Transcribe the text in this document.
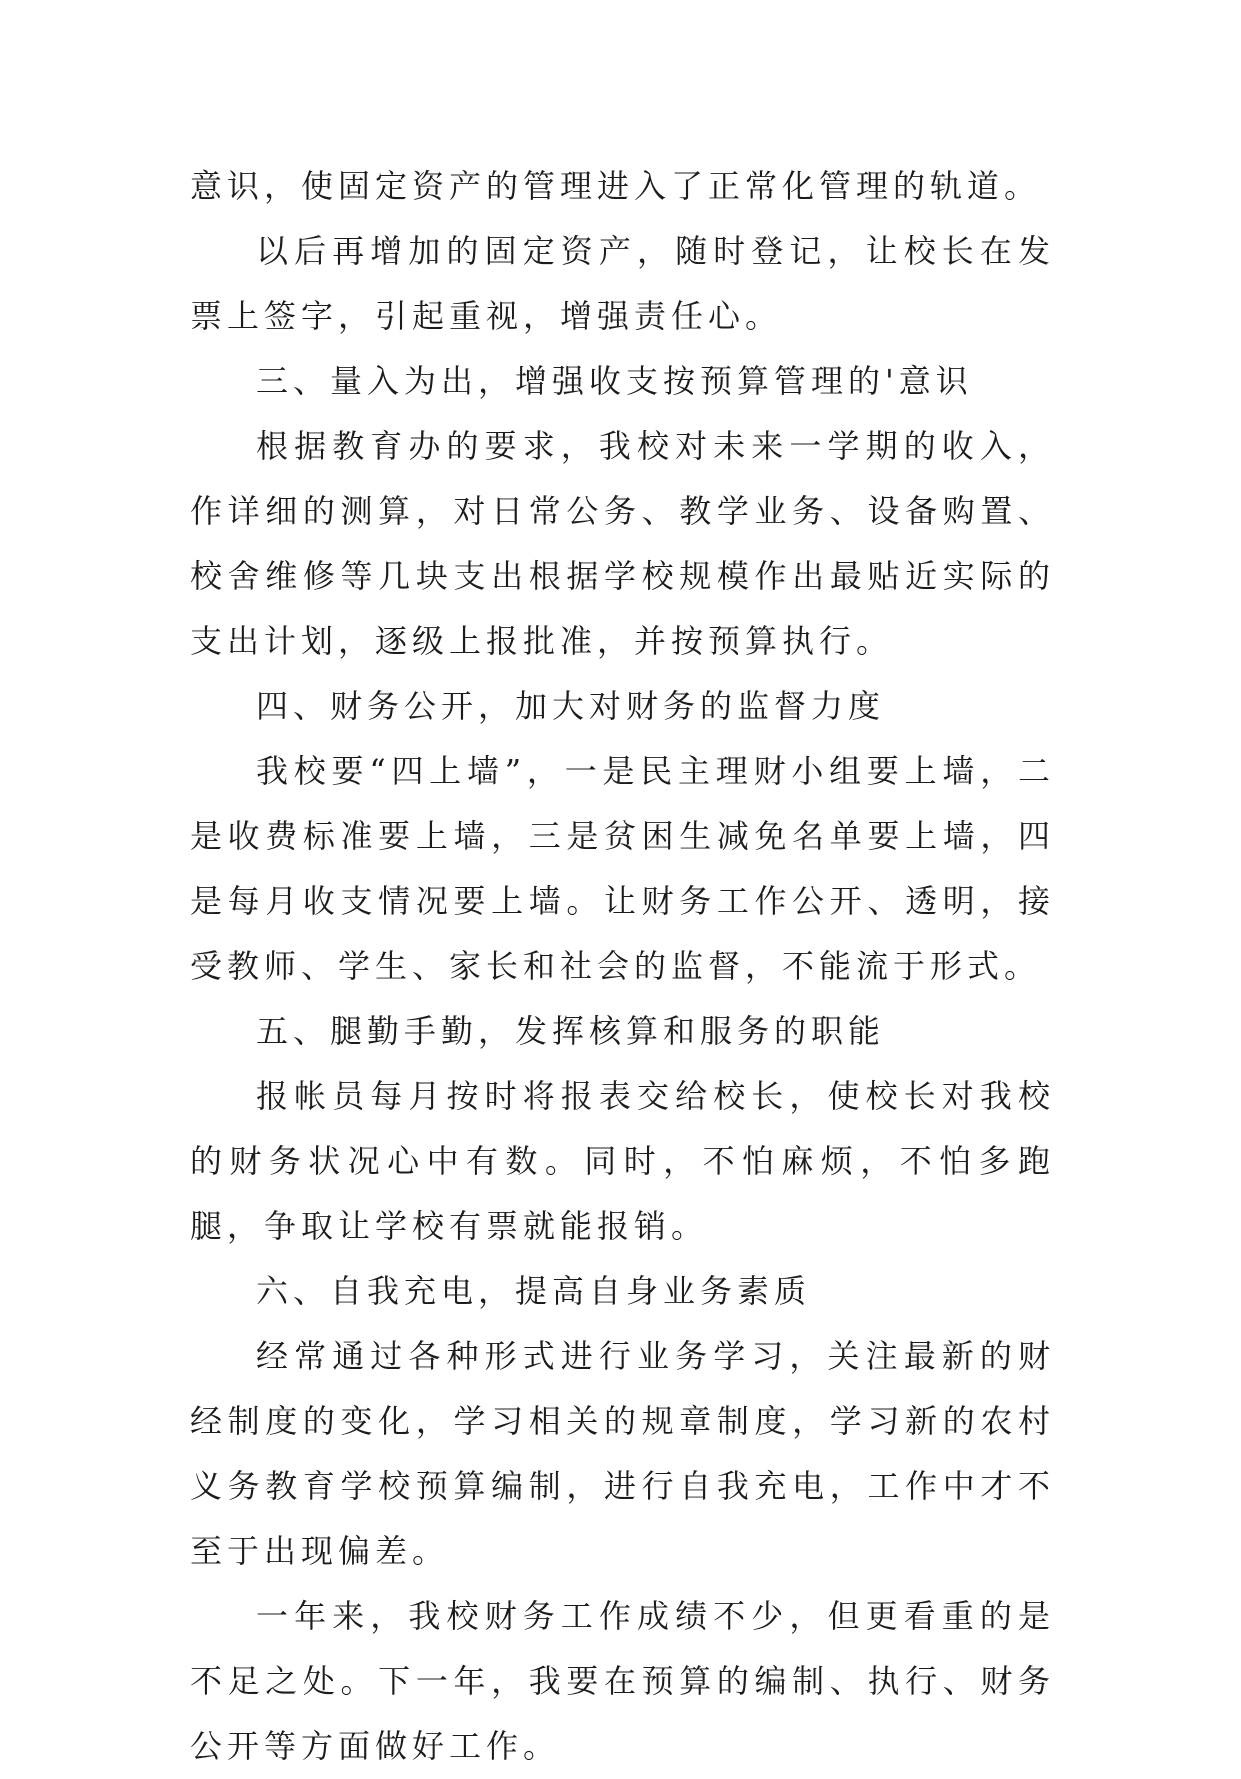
意识，使固定资产的管理进入了正常化管理的轨道。

以后再增加的固定资产，随时登记，让校长在发票上签字，引起重视，增强责任心。

三、量入为出，增强收支按预算管理的'意识

根据教育办的要求，我校对未来一学期的收入，作详细的测算，对日常公务、教学业务、设备购置、校舍维修等几块支出根据学校规模作出最贴近实际的支出计划，逐级上报批准，并按预算执行。

四、财务公开，加大对财务的监督力度

我校要“四上墙”，一是民主理财小组要上墙，二是收费标准要上墙，三是贫困生减免名单要上墙，四是每月收支情况要上墙。让财务工作公开、透明，接受教师、学生、家长和社会的监督，不能流于形式。

五、腿勤手勤，发挥核算和服务的职能

报帐员每月按时将报表交给校长，使校长对我校的财务状况心中有数。同时，不怕麻烦，不怕多跑腿，争取让学校有票就能报销。

六、自我充电，提高自身业务素质

经常通过各种形式进行业务学习，关注最新的财经制度的变化，学习相关的规章制度，学习新的农村义务教育学校预算编制，进行自我充电，工作中才不至于出现偏差。

一年来，我校财务工作成绩不少，但更看重的是不足之处。下一年，我要在预算的编制、执行、财务公开等方面做好工作。
